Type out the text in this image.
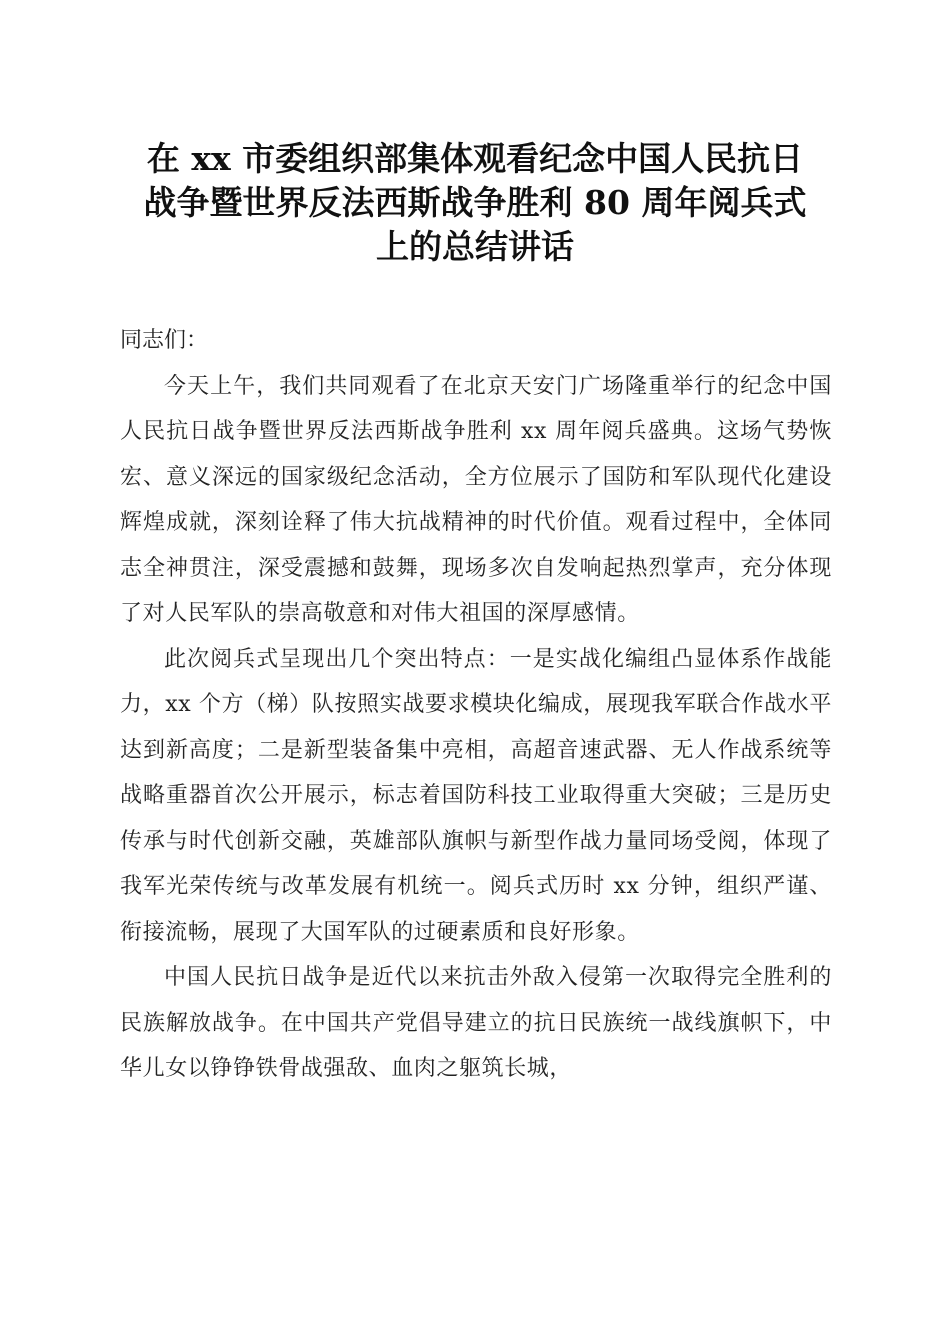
在 xx 市委组织部集体观看纪念中国人民抗日
战争暨世界反法西斯战争胜利 80 周年阅兵式
上的总结讲话

同志们：

今天上午，我们共同观看了在北京天安门广场隆重举行的纪念中国人民抗日战争暨世界反法西斯战争胜利 xx 周年阅兵盛典。这场气势恢宏、意义深远的国家级纪念活动，全方位展示了国防和军队现代化建设辉煌成就，深刻诠释了伟大抗战精神的时代价值。观看过程中，全体同志全神贯注，深受震撼和鼓舞，现场多次自发响起热烈掌声，充分体现了对人民军队的崇高敬意和对伟大祖国的深厚感情。

此次阅兵式呈现出几个突出特点：一是实战化编组凸显体系作战能力，xx 个方（梯）队按照实战要求模块化编成，展现我军联合作战水平达到新高度；二是新型装备集中亮相，高超音速武器、无人作战系统等战略重器首次公开展示，标志着国防科技工业取得重大突破；三是历史传承与时代创新交融，英雄部队旗帜与新型作战力量同场受阅，体现了我军光荣传统与改革发展有机统一。阅兵式历时 xx 分钟，组织严谨、衔接流畅，展现了大国军队的过硬素质和良好形象。

中国人民抗日战争是近代以来抗击外敌入侵第一次取得完全胜利的民族解放战争。在中国共产党倡导建立的抗日民族统一战线旗帜下，中华儿女以铮铮铁骨战强敌、血肉之躯筑长城，
